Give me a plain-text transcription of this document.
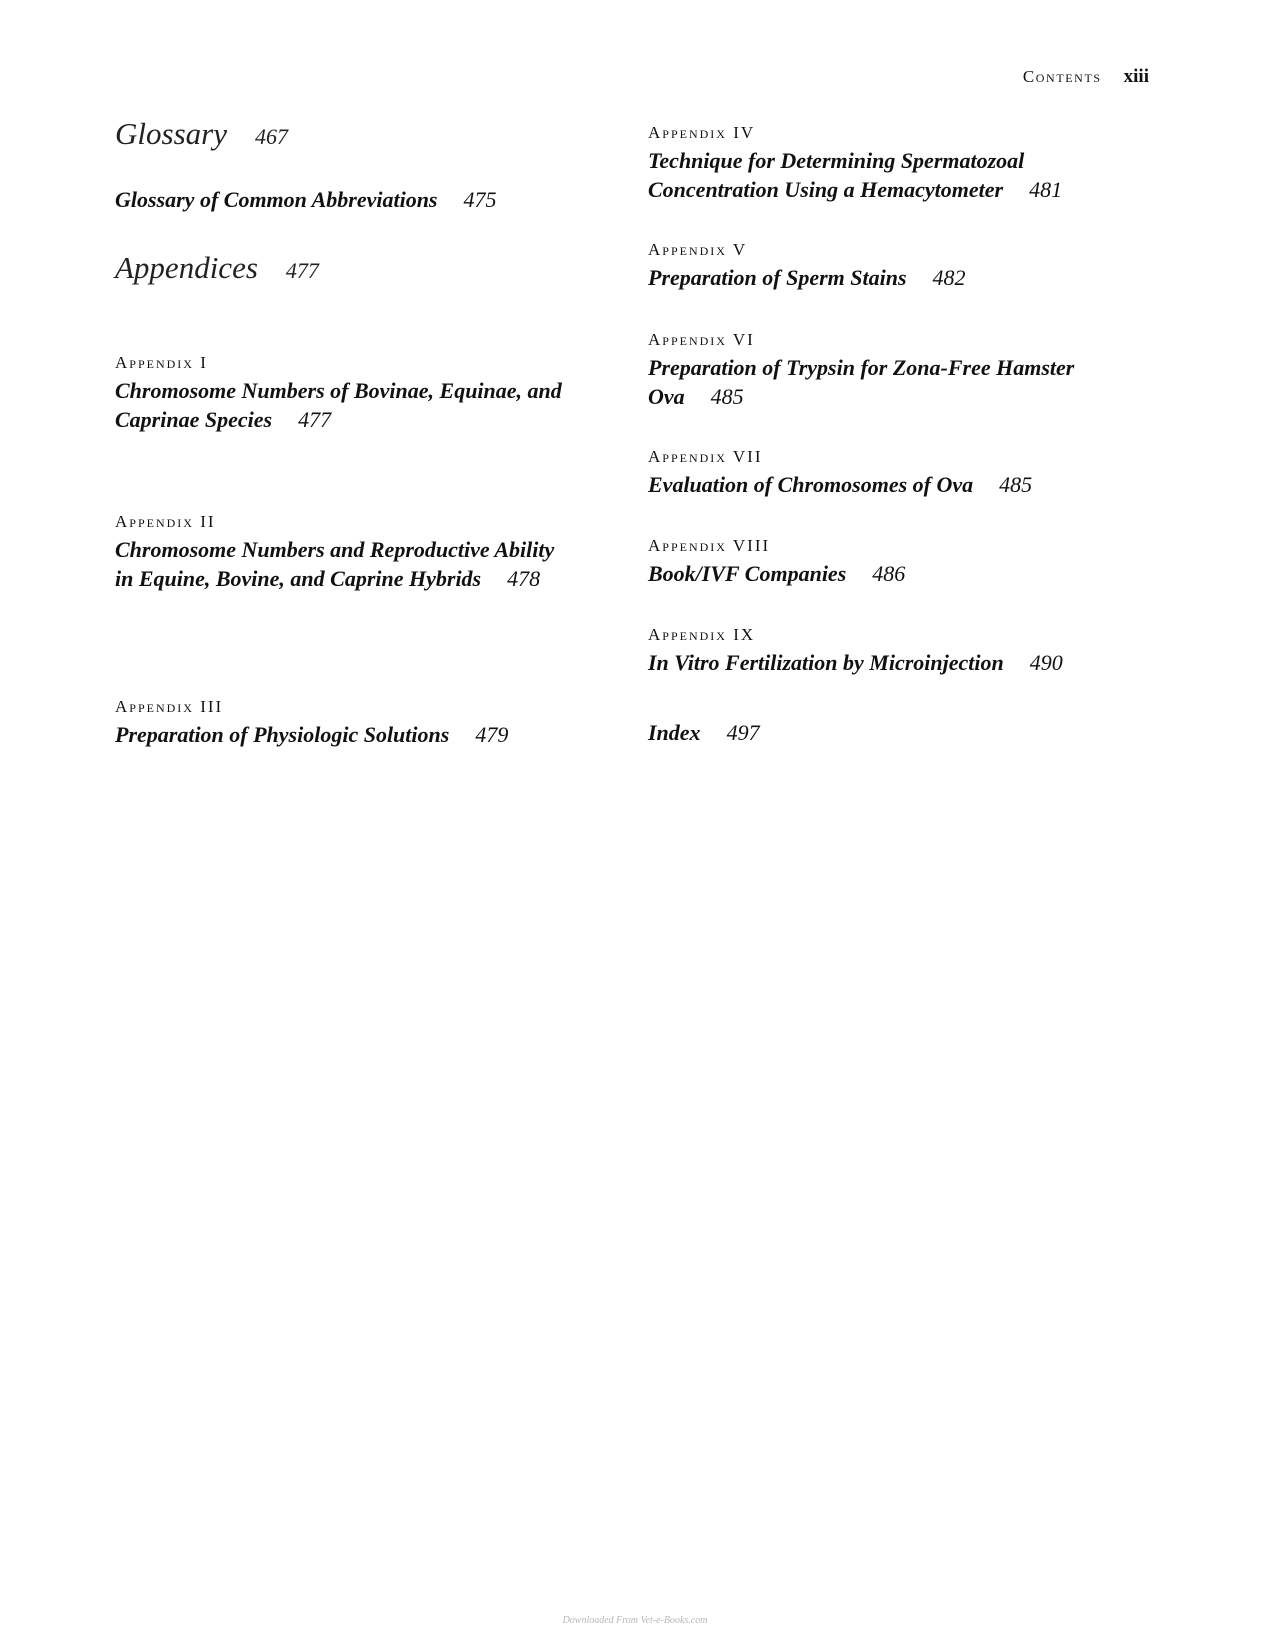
Contents xiii
Glossary 467
Glossary of Common Abbreviations 475
Appendices 477
Appendix I
Chromosome Numbers of Bovinae, Equinae, and Caprinae Species 477
Appendix II
Chromosome Numbers and Reproductive Ability in Equine, Bovine, and Caprine Hybrids 478
Appendix III
Preparation of Physiologic Solutions 479
Appendix IV
Technique for Determining Spermatozoal Concentration Using a Hemacytometer 481
Appendix V
Preparation of Sperm Stains 482
Appendix VI
Preparation of Trypsin for Zona-Free Hamster Ova 485
Appendix VII
Evaluation of Chromosomes of Ova 485
Appendix VIII
Book/IVF Companies 486
Appendix IX
In Vitro Fertilization by Microinjection 490
Index 497
Downloaded From Vet-e-Books.com
